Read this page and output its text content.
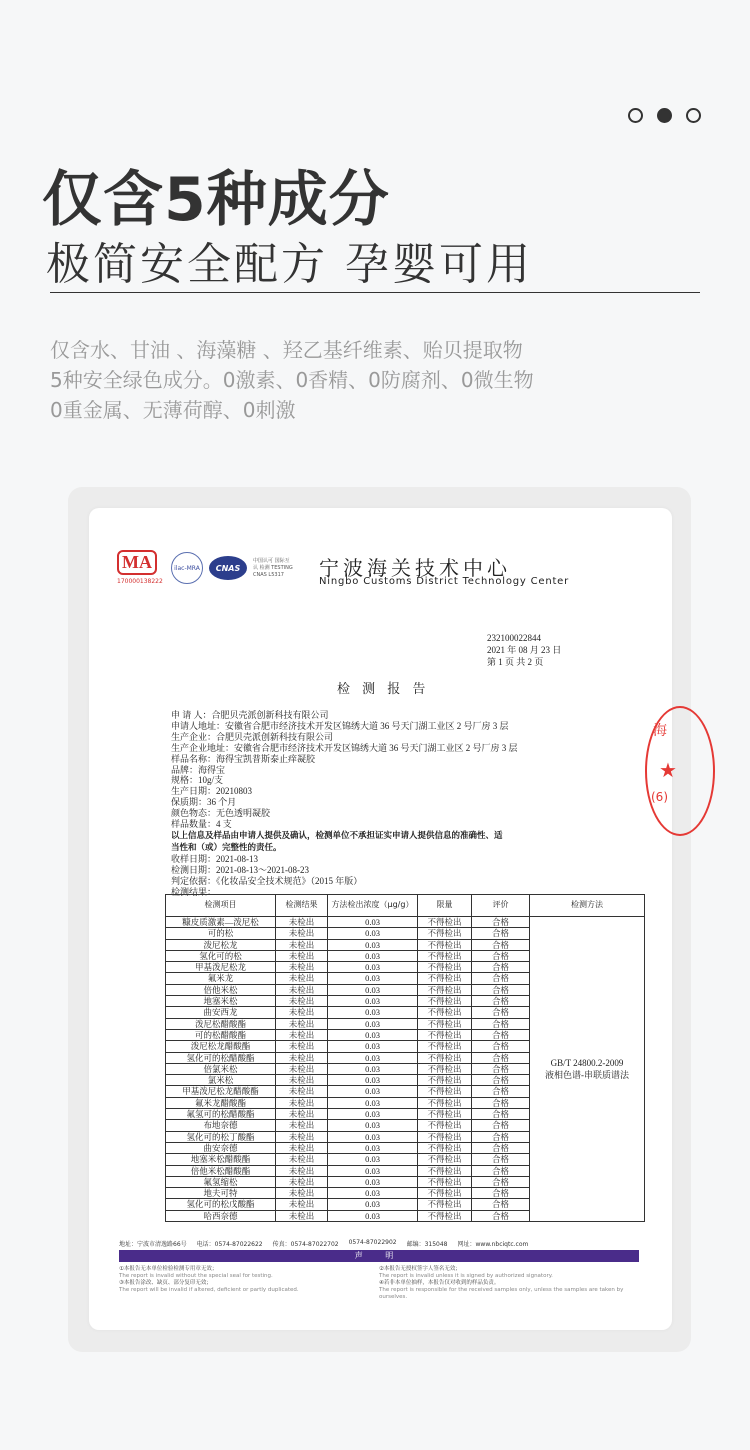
仅含5种成分
极简安全配方 孕婴可用
仅含水、甘油 、海藻糖 、羟乙基纤维素、贻贝提取物
5种安全绿色成分。0激素、0香精、0防腐剂、0微生物
0重金属、无薄荷醇、0刺激
MA
170000138222
ilac-MRA	CNAS
中国认可 国际互认 检测 TESTING CNAS L5317	宁波海关技术中心
Ningbo Customs District Technology Center
232100022844
2021 年 08 月 23 日
第 1 页 共 2 页
检 测 报 告
申 请 人：合肥贝壳派创新科技有限公司
申请人地址：安徽省合肥市经济技术开发区锦绣大道 36 号天门湖工业区 2 号厂房 3 层
生产企业：合肥贝壳派创新科技有限公司
生产企业地址：安徽省合肥市经济技术开发区锦绣大道 36 号天门湖工业区 2 号厂房 3 层
样品名称：海得宝凯普斯泰止痒凝胶
品牌：海得宝
规格：10g/支
生产日期：20210803
保质期：36 个月
颜色物态：无色透明凝胶
样品数量：4 支
以上信息及样品由申请人提供及确认，检测单位不承担证实申请人提供信息的准确性、适
当性和（或）完整性的责任。
收样日期：2021-08-13
检测日期：2021-08-13～2021-08-23
判定依据：《化妆品安全技术规范》（2015 年版）
检测结果：
海
★
(6)
检测项目	检测结果	方法检出浓度（μg/g）	限量	评价	检测方法
糠皮质激素—泼尼松	未检出	0.03	不得检出	合格	GB/T 24800.2-2009
液相色谱-串联质谱法

可的松	未检出	0.03	不得检出	合格	
泼尼松龙	未检出	0.03	不得检出	合格	
氢化可的松	未检出	0.03	不得检出	合格	
甲基泼尼松龙	未检出	0.03	不得检出	合格	
氟米龙	未检出	0.03	不得检出	合格	
倍他米松	未检出	0.03	不得检出	合格	
地塞米松	未检出	0.03	不得检出	合格	
曲安西龙	未检出	0.03	不得检出	合格	
泼尼松醋酸酯	未检出	0.03	不得检出	合格	
可的松醋酸酯	未检出	0.03	不得检出	合格	
泼尼松龙醋酸酯	未检出	0.03	不得检出	合格	
氢化可的松醋酸酯	未检出	0.03	不得检出	合格	
倍氯米松	未检出	0.03	不得检出	合格	
氯米松	未检出	0.03	不得检出	合格	
甲基泼尼松龙醋酸酯	未检出	0.03	不得检出	合格	
氟米龙醋酸酯	未检出	0.03	不得检出	合格	
氟氢可的松醋酸酯	未检出	0.03	不得检出	合格	
布地奈德	未检出	0.03	不得检出	合格	
氢化可的松丁酸酯	未检出	0.03	不得检出	合格	
曲安奈德	未检出	0.03	不得检出	合格	
地塞米松醋酸酯	未检出	0.03	不得检出	合格	
倍他米松醋酸酯	未检出	0.03	不得检出	合格	
氟氢缩松	未检出	0.03	不得检出	合格	
地夫可特	未检出	0.03	不得检出	合格	
氢化可的松戊酸酯	未检出	0.03	不得检出	合格	
哈西奈德	未检出	0.03	不得检出	合格	
地址：宁波市清逸路66号 电话：0574-87022622 传真：0574-87022702 0574-87022902 邮编：315048 网址：www.nbciqtc.com
声 明
①本报告无本单位检验检测专用章无效；	②本报告无授权签字人签名无效；
The report is invalid without the special seal for testing.	The report is invalid unless it is signed by authorized signatory.
③本报告涂改、缺页、部分复印无效；	④若非本单位抽样，本报告仅对收到的样品负责。
The report will be invalid if altered, deficient or partly duplicated.	The report is responsible for the received samples only, unless the samples are taken by ourselves.
